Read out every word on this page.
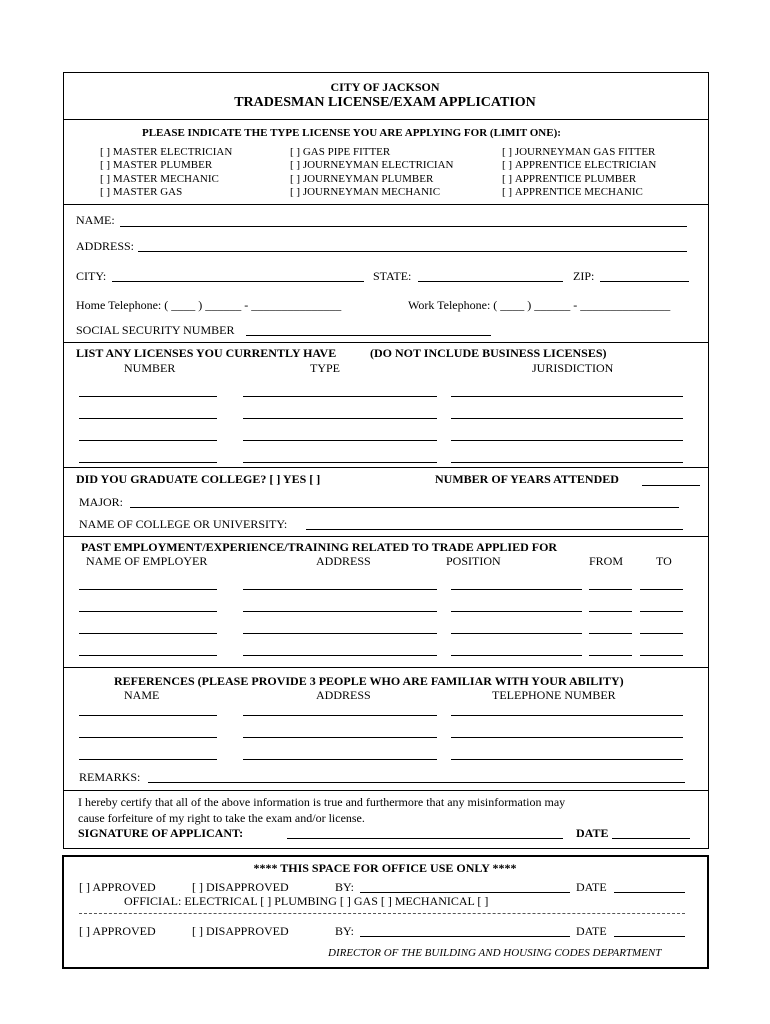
CITY OF JACKSON
TRADESMAN LICENSE/EXAM APPLICATION
PLEASE INDICATE THE TYPE LICENSE YOU ARE APPLYING FOR (LIMIT ONE):
[ ] MASTER ELECTRICIAN
[ ] MASTER PLUMBER
[ ] MASTER MECHANIC
[ ] MASTER GAS
[ ] GAS PIPE FITTER
[ ] JOURNEYMAN ELECTRICIAN
[ ] JOURNEYMAN PLUMBER
[ ] JOURNEYMAN MECHANIC
[ ] JOURNEYMAN GAS FITTER
[ ] APPRENTICE ELECTRICIAN
[ ] APPRENTICE PLUMBER
[ ] APPRENTICE MECHANIC
NAME:
ADDRESS:
CITY:	STATE:	ZIP:
Home Telephone: ( ____ ) ______ - _______________	Work Telephone: ( ____ ) ______ - _______________
SOCIAL SECURITY NUMBER
LIST ANY LICENSES YOU CURRENTLY HAVE	(DO NOT INCLUDE BUSINESS LICENSES)
NUMBER	TYPE	JURISDICTION
DID YOU GRADUATE COLLEGE? [ ] YES [ ]	NUMBER OF YEARS ATTENDED
MAJOR:
NAME OF COLLEGE OR UNIVERSITY:
PAST EMPLOYMENT/EXPERIENCE/TRAINING RELATED TO TRADE APPLIED FOR
NAME OF EMPLOYER	ADDRESS	POSITION	FROM	TO
REFERENCES (PLEASE PROVIDE 3 PEOPLE WHO ARE FAMILIAR WITH YOUR ABILITY)
NAME	ADDRESS	TELEPHONE NUMBER
REMARKS:
I hereby certify that all of the above information is true and furthermore that any misinformation may
cause forfeiture of my right to take the exam and/or license.
SIGNATURE OF APPLICANT:	DATE
**** THIS SPACE FOR OFFICE USE ONLY ****
[ ] APPROVED	[ ] DISAPPROVED	BY:	DATE
OFFICIAL: ELECTRICAL [ ] PLUMBING [ ] GAS [ ] MECHANICAL [ ]
[ ] APPROVED	[ ] DISAPPROVED	BY:	DATE
DIRECTOR OF THE BUILDING AND HOUSING CODES DEPARTMENT
